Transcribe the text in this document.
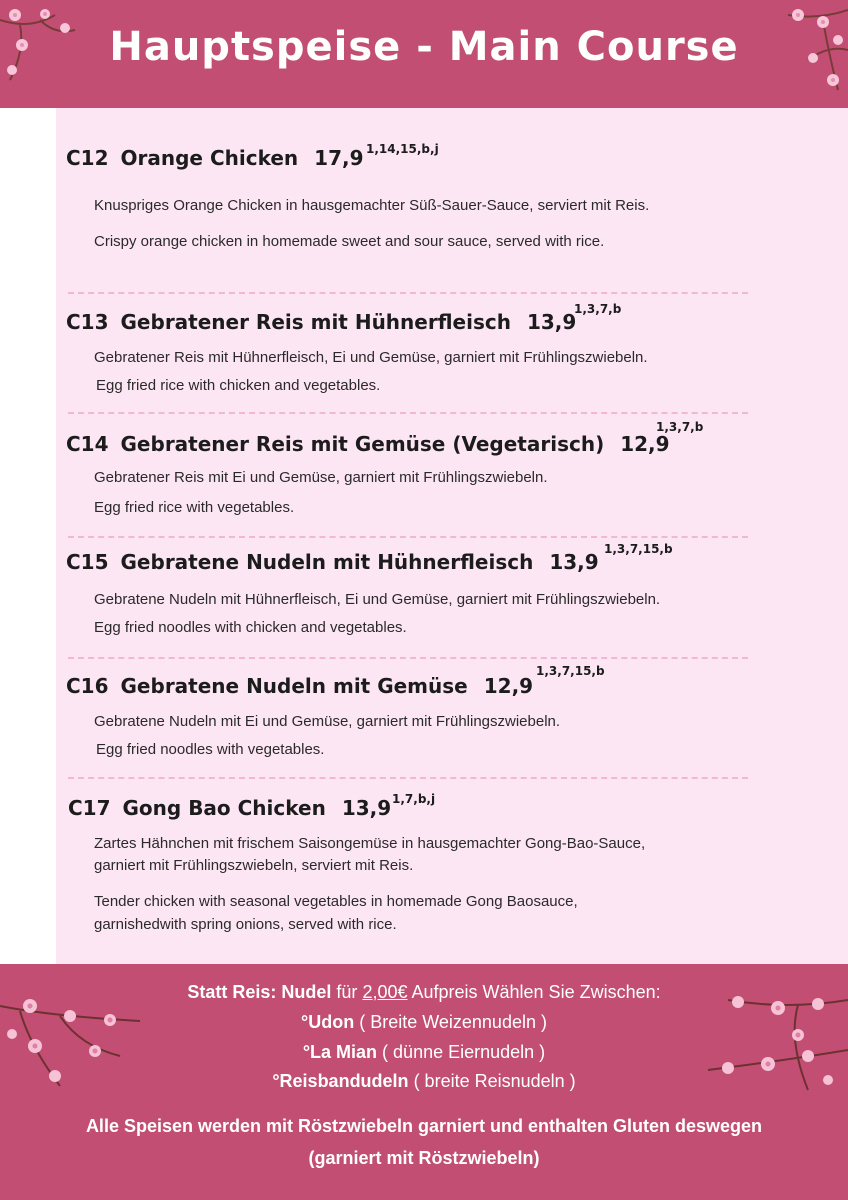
Hauptspeise - Main Course
C12 Orange Chicken 17,9 1,14,15,b,j
Knuspriges Orange Chicken in hausgemachter Süß-Sauer-Sauce, serviert mit Reis.
Crispy orange chicken in homemade sweet and sour sauce, served with rice.
C13 Gebratener Reis mit Hühnerfleisch 13,9
1,3,7,b
Gebratener Reis mit Hühnerfleisch, Ei und Gemüse, garniert mit Frühlingszwiebeln.
Egg fried rice with chicken and vegetables.
C14 Gebratener Reis mit Gemüse (Vegetarisch) 12,9
1,3,7,b
Gebratener Reis mit Ei und Gemüse, garniert mit Frühlingszwiebeln.
Egg fried rice with vegetables.
C15 Gebratene Nudeln mit Hühnerfleisch 13,9
1,3,7,15,b
Gebratene Nudeln mit Hühnerfleisch, Ei und Gemüse, garniert mit Frühlingszwiebeln.
Egg fried noodles with chicken and vegetables.
C16 Gebratene Nudeln mit Gemüse 12,9
1,3,7,15,b
Gebratene Nudeln mit Ei und Gemüse, garniert mit Frühlingszwiebeln.
Egg fried noodles with vegetables.
C17 Gong Bao Chicken 13,9 1,7,b,j
Zartes Hähnchen mit frischem Saisongemüse in hausgemachter Gong-Bao-Sauce,
garniert mit Frühlingszwiebeln, serviert mit Reis.
Tender chicken with seasonal vegetables in homemade Gong Baosauce,
garnishedwith spring onions, served with rice.
Statt Reis: Nudel für 2,00€ Aufpreis Wählen Sie Zwischen:
°Udon ( Breite Weizennudeln )
°La Mian ( dünne Eiernudeln )
°Reisbandudeln ( breite Reisnudeln )
Alle Speisen werden mit Röstzwiebeln garniert und enthalten Gluten deswegen
(garniert mit Röstzwiebeln)
